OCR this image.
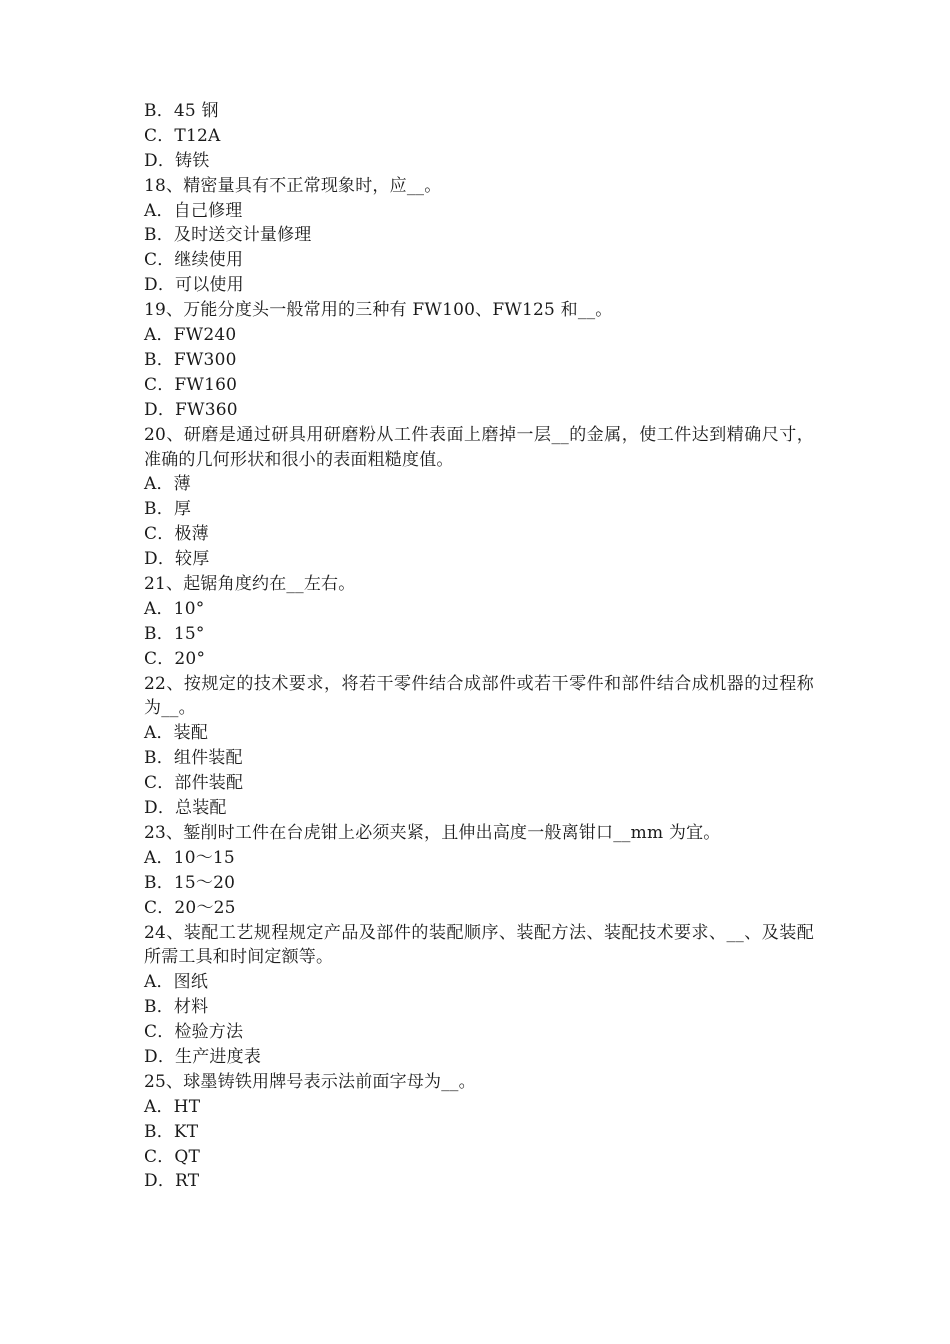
B．45 钢
C．T12A
D．铸铁
18、精密量具有不正常现象时，应__。
A．自己修理
B．及时送交计量修理
C．继续使用
D．可以使用
19、万能分度头一般常用的三种有 FW100、FW125 和__。
A．FW240
B．FW300
C．FW160
D．FW360
20、研磨是通过研具用研磨粉从工件表面上磨掉一层__的金属，使工件达到精确尺寸，准确的几何形状和很小的表面粗糙度值。
A．薄
B．厚
C．极薄
D．较厚
21、起锯角度约在__左右。
A．10°
B．15°
C．20°
22、按规定的技术要求，将若干零件结合成部件或若干零件和部件结合成机器的过程称为__。
A．装配
B．组件装配
C．部件装配
D．总装配
23、錾削时工件在台虎钳上必须夹紧，且伸出高度一般离钳口__mm 为宜。
A．10～15
B．15～20
C．20～25
24、装配工艺规程规定产品及部件的装配顺序、装配方法、装配技术要求、__、及装配所需工具和时间定额等。
A．图纸
B．材料
C．检验方法
D．生产进度表
25、球墨铸铁用牌号表示法前面字母为__。
A．HT
B．KT
C．QT
D．RT
